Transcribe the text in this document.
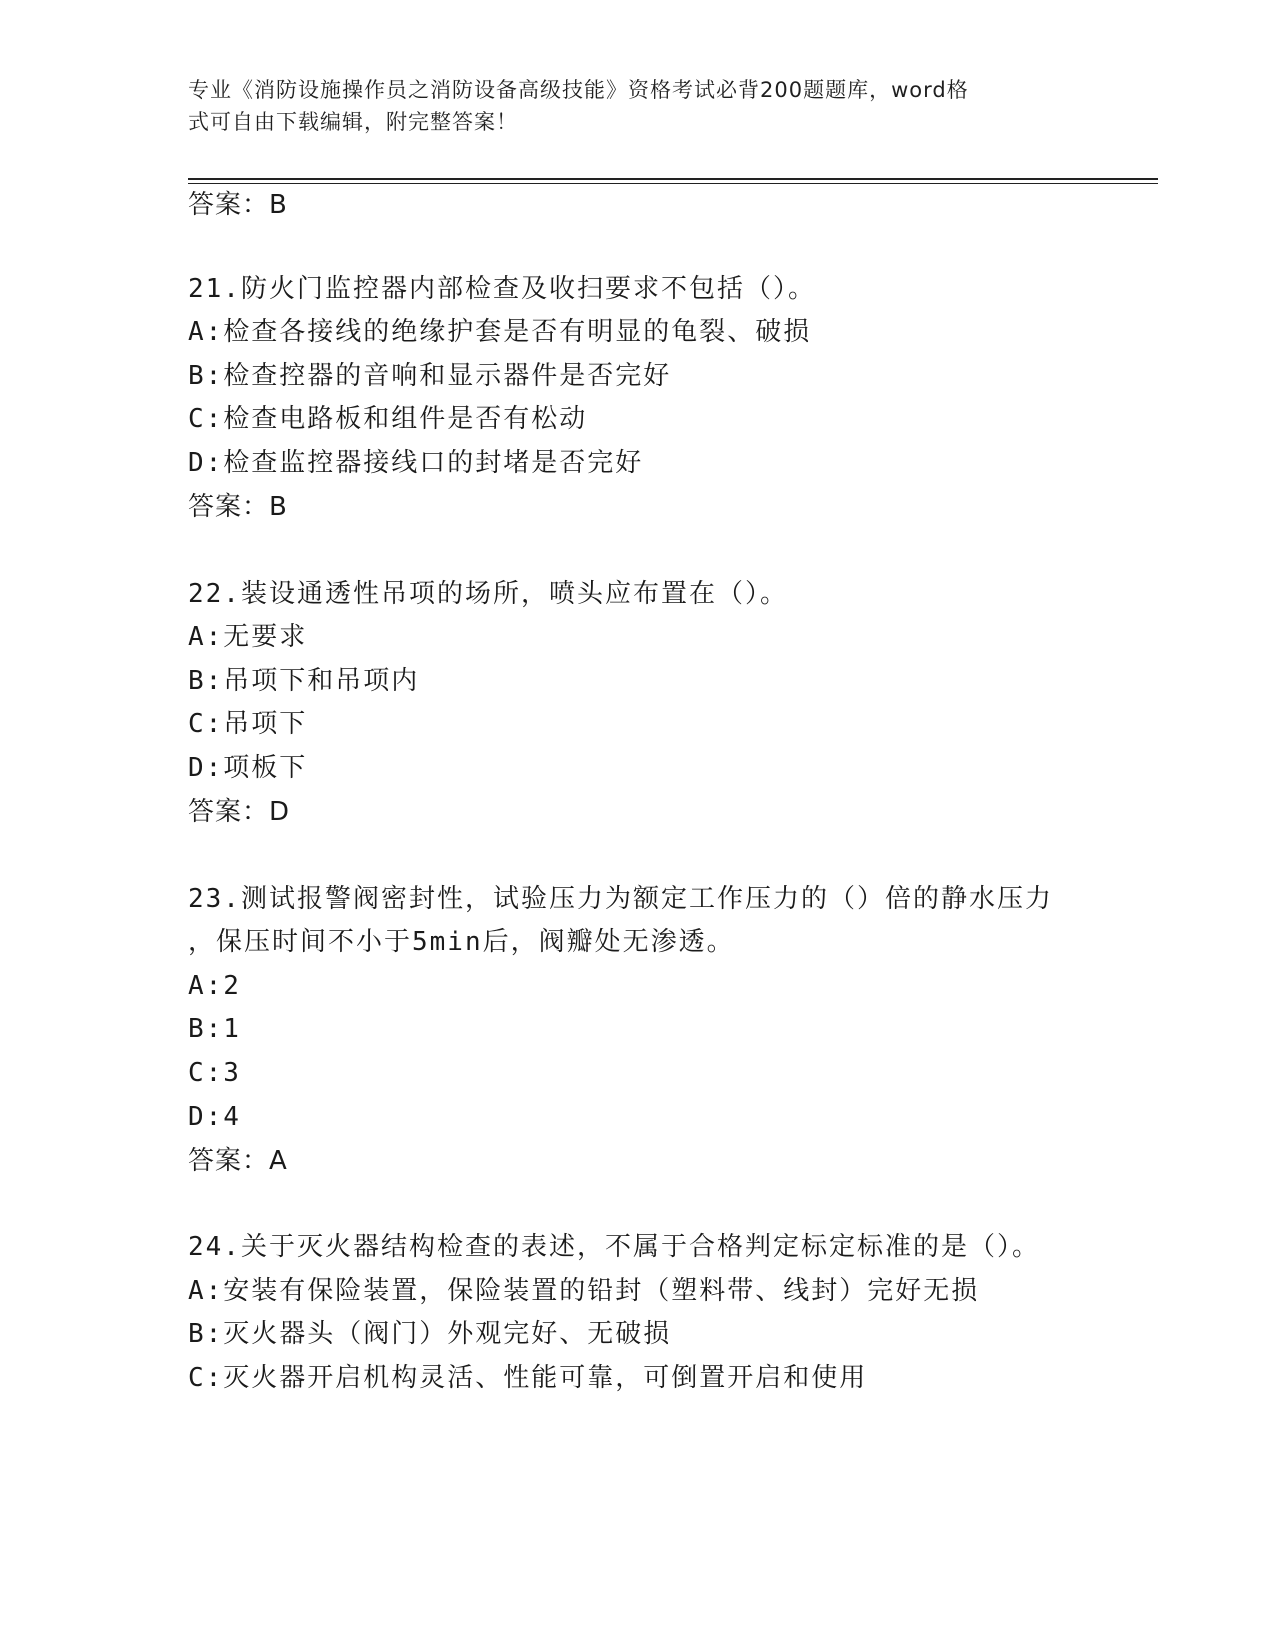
专业《消防设施操作员之消防设备高级技能》资格考试必背200题题库，word格
式可自由下载编辑，附完整答案！
答案：B
21.防火门监控器内部检查及收扫要求不包括（）。
A:检查各接线的绝缘护套是否有明显的龟裂、破损
B:检查控器的音响和显示器件是否完好
C:检查电路板和组件是否有松动
D:检查监控器接线口的封堵是否完好
答案：B
22.装设通透性吊项的场所，喷头应布置在（）。
A:无要求
B:吊项下和吊项内
C:吊项下
D:项板下
答案：D
23.测试报警阀密封性，试验压力为额定工作压力的（）倍的静水压力
，保压时间不小于5min后，阀瓣处无渗透。
A:2
B:1
C:3
D:4
答案：A
24.关于灭火器结构检查的表述，不属于合格判定标定标准的是（）。
A:安装有保险装置，保险装置的铅封（塑料带、线封）完好无损
B:灭火器头（阀门）外观完好、无破损
C:灭火器开启机构灵活、性能可靠，可倒置开启和使用
